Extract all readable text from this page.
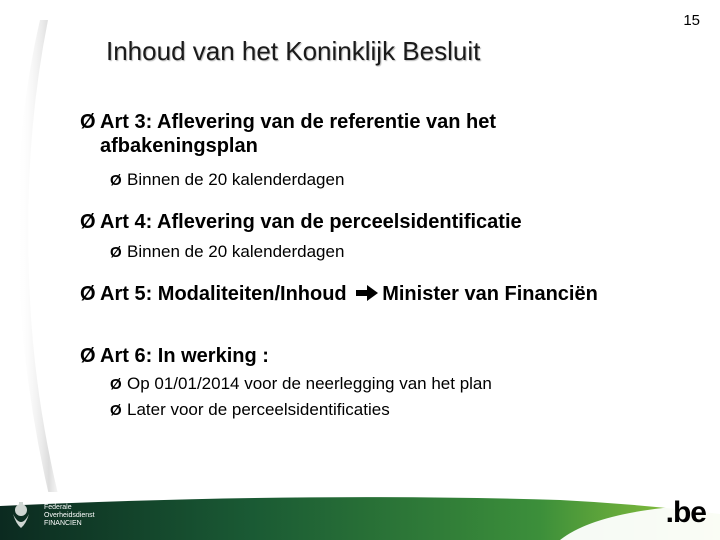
15
Inhoud van het Koninklijk Besluit
Ø Art 3: Aflevering van de referentie van het afbakeningsplan
Ø Binnen de 20 kalenderdagen
Ø Art 4: Aflevering van de perceelsidentificatie
Ø Binnen de 20 kalenderdagen
Ø Art 5: Modaliteiten/Inhoud Minister van Financiën
Ø Art 6: In werking :
Ø Op 01/01/2014 voor de neerlegging van het plan
Ø Later voor de perceelsidentificaties
Federale
Overheidsdienst
FINANCIEN	.be
